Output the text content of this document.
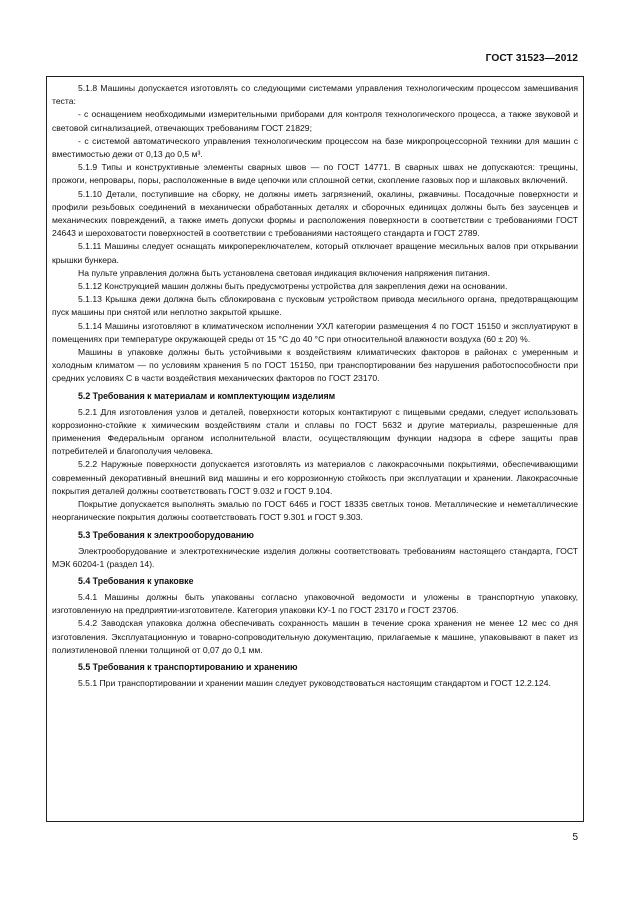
ГОСТ 31523—2012

5.1.8 Машины допускается изготовлять со следующими системами управления технологическим процессом замешивания теста:

- с оснащением необходимыми измерительными приборами для контроля технологического процесса, а также звуковой и световой сигнализацией, отвечающих требованиям ГОСТ 21829;

- с системой автоматического управления технологическим процессом на базе микропроцессорной техники для машин с вместимостью дежи от 0,13 до 0,5 м³.

5.1.9 Типы и конструктивные элементы сварных швов — по ГОСТ 14771. В сварных швах не допускаются: трещины, прожоги, непровары, поры, расположенные в виде цепочки или сплошной сетки, скопление газовых пор и шлаковых включений.

5.1.10 Детали, поступившие на сборку, не должны иметь загрязнений, окалины, ржавчины. Посадочные поверхности и профили резьбовых соединений в механически обработанных деталях и сборочных единицах должны быть без заусенцев и механических повреждений, а также иметь допуски формы и расположения поверхности в соответствии с требованиями ГОСТ 24643 и шероховатости поверхностей в соответствии с требованиями настоящего стандарта и ГОСТ 2789.

5.1.11 Машины следует оснащать микропереключателем, который отключает вращение месильных валов при открывании крышки бункера.

На пульте управления должна быть установлена световая индикация включения напряжения питания.

5.1.12 Конструкцией машин должны быть предусмотрены устройства для закрепления дежи на основании.

5.1.13 Крышка дежи должна быть сблокирована с пусковым устройством привода месильного органа, предотвращающим пуск машины при снятой или неплотно закрытой крышке.

5.1.14 Машины изготовляют в климатическом исполнении УХЛ категории размещения 4 по ГОСТ 15150 и эксплуатируют в помещениях при температуре окружающей среды от 15 °С до 40 °С при относительной влажности воздуха (60 ± 20) %.

Машины в упаковке должны быть устойчивыми к воздействиям климатических факторов в районах с умеренным и холодным климатом — по условиям хранения 5 по ГОСТ 15150, при транспортировании без нарушения работоспособности при средних условиях С в части воздействия механических факторов по ГОСТ 23170.

5.2 Требования к материалам и комплектующим изделиям

5.2.1 Для изготовления узлов и деталей, поверхности которых контактируют с пищевыми средами, следует использовать коррозионно-стойкие к химическим воздействиям стали и сплавы по ГОСТ 5632 и другие материалы, разрешенные для применения Федеральным органом исполнительной власти, осуществляющим функции надзора в сфере защиты прав потребителей и благополучия человека.

5.2.2 Наружные поверхности допускается изготовлять из материалов с лакокрасочными покрытиями, обеспечивающими современный декоративный внешний вид машины и его коррозионную стойкость при эксплуатации и хранении. Лакокрасочные покрытия деталей должны соответствовать ГОСТ 9.032 и ГОСТ 9.104.

Покрытие допускается выполнять эмалью по ГОСТ 6465 и ГОСТ 18335 светлых тонов. Металлические и неметаллические неорганические покрытия должны соответствовать ГОСТ 9.301 и ГОСТ 9.303.

5.3 Требования к электрооборудованию

Электрооборудование и электротехнические изделия должны соответствовать требованиям настоящего стандарта, ГОСТ МЭК 60204-1 (раздел 14).

5.4 Требования к упаковке

5.4.1 Машины должны быть упакованы согласно упаковочной ведомости и уложены в транспортную упаковку, изготовленную на предприятии-изготовителе. Категория упаковки КУ-1 по ГОСТ 23170 и ГОСТ 23706.

5.4.2 Заводская упаковка должна обеспечивать сохранность машин в течение срока хранения не менее 12 мес со дня изготовления. Эксплуатационную и товарно-сопроводительную документацию, прилагаемые к машине, упаковывают в пакет из полиэтиленовой пленки толщиной от 0,07 до 0,1 мм.

5.5 Требования к транспортированию и хранению

5.5.1 При транспортировании и хранении машин следует руководствоваться настоящим стандартом и ГОСТ 12.2.124.

5
